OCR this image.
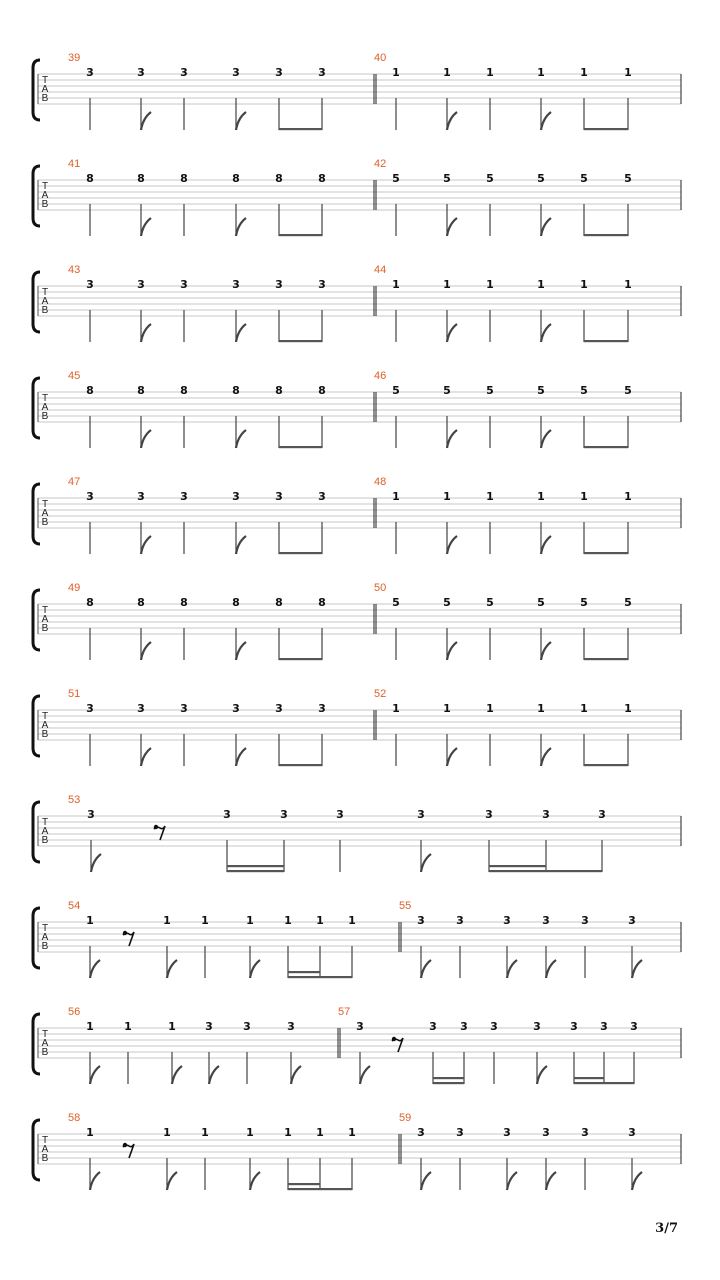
T
A
B
39
3	3	3	3	3	3
40
1	1	1	1	1	1
T
A
B
41
8	8	8	8	8	8
42
5	5	5	5	5	5
T
A
B
43
3	3	3	3	3	3
44
1	1	1	1	1	1
T
A
B
45
8	8	8	8	8	8
46
5	5	5	5	5	5
T
A
B
47
3	3	3	3	3	3
48
1	1	1	1	1	1
T
A
B
49
8	8	8	8	8	8
50
5	5	5	5	5	5
T
A
B
51
3	3	3	3	3	3
52
1	1	1	1	1	1
T
A
B
53
3	3	3	3	3	3	3	3
T
A
B
54
1	1	1	1	1 1 1
55
3	3	3	3	3	3
T
A
B
56
1	1	1	3	3	3
57
3	3 3 3	3	3 3 3
T
A
B
58
1	1	1	1	1 1 1
59
3	3	3	3	3	3
3/7
